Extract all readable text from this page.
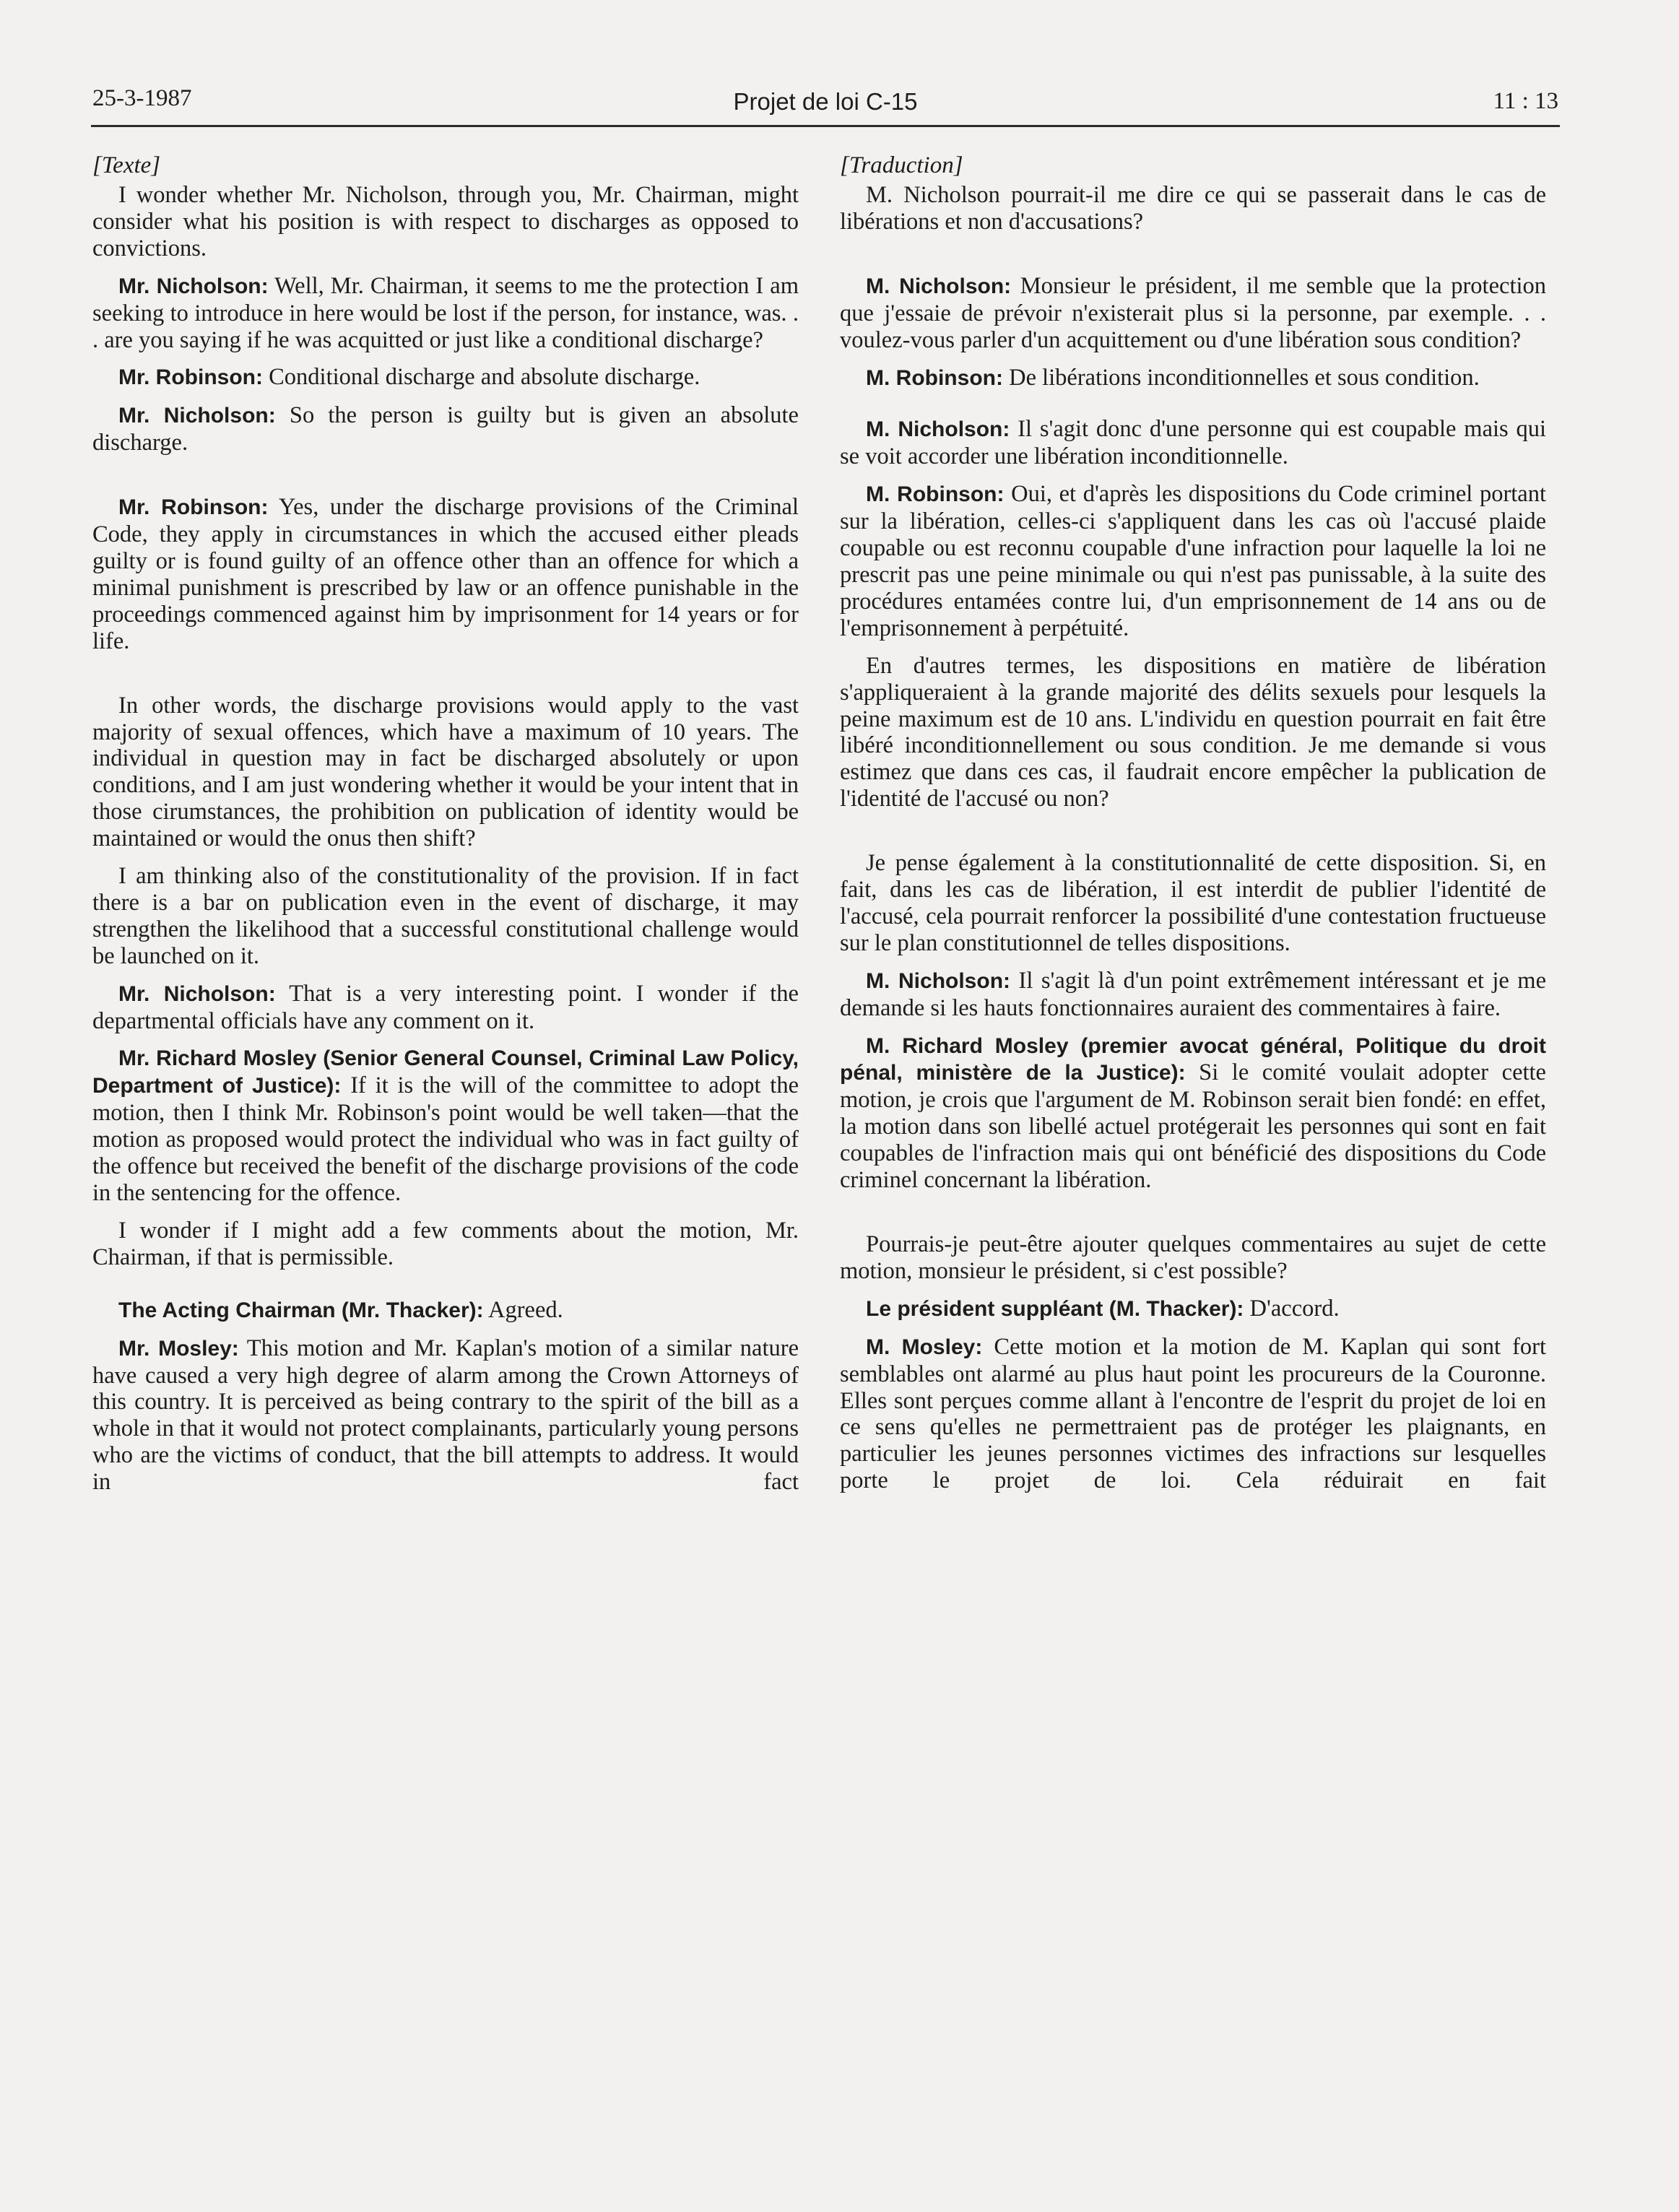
25-3-1987	Projet de loi C-15	11 : 13
[Texte]

I wonder whether Mr. Nicholson, through you, Mr. Chairman, might consider what his position is with respect to discharges as opposed to convictions.

Mr. Nicholson: Well, Mr. Chairman, it seems to me the protection I am seeking to introduce in here would be lost if the person, for instance, was. . . are you saying if he was acquitted or just like a conditional discharge?

Mr. Robinson: Conditional discharge and absolute discharge.

Mr. Nicholson: So the person is guilty but is given an absolute discharge.

Mr. Robinson: Yes, under the discharge provisions of the Criminal Code, they apply in circumstances in which the accused either pleads guilty or is found guilty of an offence other than an offence for which a minimal punishment is prescribed by law or an offence punishable in the proceedings commenced against him by imprisonment for 14 years or for life.

In other words, the discharge provisions would apply to the vast majority of sexual offences, which have a maximum of 10 years. The individual in question may in fact be discharged absolutely or upon conditions, and I am just wondering whether it would be your intent that in those cirumstances, the prohibition on publication of identity would be maintained or would the onus then shift?

I am thinking also of the constitutionality of the provision. If in fact there is a bar on publication even in the event of discharge, it may strengthen the likelihood that a successful constitutional challenge would be launched on it.

Mr. Nicholson: That is a very interesting point. I wonder if the departmental officials have any comment on it.

Mr. Richard Mosley (Senior General Counsel, Criminal Law Policy, Department of Justice): If it is the will of the committee to adopt the motion, then I think Mr. Robinson's point would be well taken—that the motion as proposed would protect the individual who was in fact guilty of the offence but received the benefit of the discharge provisions of the code in the sentencing for the offence.

I wonder if I might add a few comments about the motion, Mr. Chairman, if that is permissible.

The Acting Chairman (Mr. Thacker): Agreed.

Mr. Mosley: This motion and Mr. Kaplan's motion of a similar nature have caused a very high degree of alarm among the Crown Attorneys of this country. It is perceived as being contrary to the spirit of the bill as a whole in that it would not protect complainants, particularly young persons who are the victims of conduct, that the bill attempts to address. It would in fact

[Traduction]

M. Nicholson pourrait-il me dire ce qui se passerait dans le cas de libérations et non d'accusations?

M. Nicholson: Monsieur le président, il me semble que la protection que j'essaie de prévoir n'existerait plus si la personne, par exemple. . . voulez-vous parler d'un acquittement ou d'une libération sous condition?

M. Robinson: De libérations inconditionnelles et sous condition.

M. Nicholson: Il s'agit donc d'une personne qui est coupable mais qui se voit accorder une libération inconditionnelle.

M. Robinson: Oui, et d'après les dispositions du Code criminel portant sur la libération, celles-ci s'appliquent dans les cas où l'accusé plaide coupable ou est reconnu coupable d'une infraction pour laquelle la loi ne prescrit pas une peine minimale ou qui n'est pas punissable, à la suite des procédures entamées contre lui, d'un emprisonnement de 14 ans ou de l'emprisonnement à perpétuité.

En d'autres termes, les dispositions en matière de libération s'appliqueraient à la grande majorité des délits sexuels pour lesquels la peine maximum est de 10 ans. L'individu en question pourrait en fait être libéré inconditionnellement ou sous condition. Je me demande si vous estimez que dans ces cas, il faudrait encore empêcher la publication de l'identité de l'accusé ou non?

Je pense également à la constitutionnalité de cette disposition. Si, en fait, dans les cas de libération, il est interdit de publier l'identité de l'accusé, cela pourrait renforcer la possibilité d'une contestation fructueuse sur le plan constitutionnel de telles dispositions.

M. Nicholson: Il s'agit là d'un point extrêmement intéressant et je me demande si les hauts fonctionnaires auraient des commentaires à faire.

M. Richard Mosley (premier avocat général, Politique du droit pénal, ministère de la Justice): Si le comité voulait adopter cette motion, je crois que l'argument de M. Robinson serait bien fondé: en effet, la motion dans son libellé actuel protégerait les personnes qui sont en fait coupables de l'infraction mais qui ont bénéficié des dispositions du Code criminel concernant la libération.

Pourrais-je peut-être ajouter quelques commentaires au sujet de cette motion, monsieur le président, si c'est possible?

Le président suppléant (M. Thacker): D'accord.

M. Mosley: Cette motion et la motion de M. Kaplan qui sont fort semblables ont alarmé au plus haut point les procureurs de la Couronne. Elles sont perçues comme allant à l'encontre de l'esprit du projet de loi en ce sens qu'elles ne permettraient pas de protéger les plaignants, en particulier les jeunes personnes victimes des infractions sur lesquelles porte le projet de loi. Cela réduirait en fait
